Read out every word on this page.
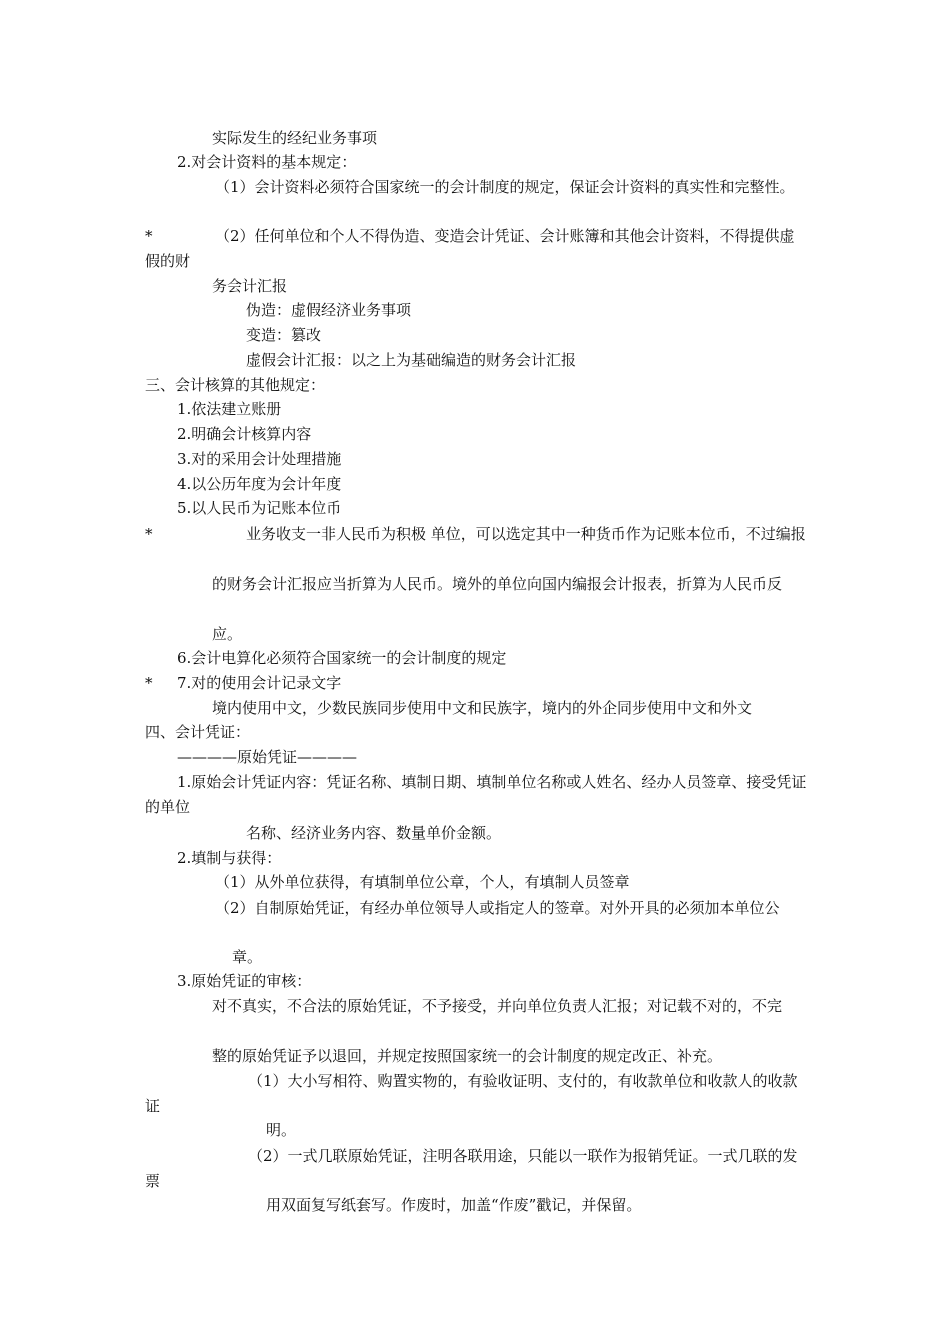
实际发生的经纪业务事项
2.对会计资料的基本规定：
（1）会计资料必须符合国家统一的会计制度的规定，保证会计资料的真实性和完整性。
*	（2）任何单位和个人不得伪造、变造会计凭证、会计账簿和其他会计资料，不得提供虚假的财
务会计汇报
伪造：虚假经济业务事项
变造：篡改
虚假会计汇报：以之上为基础编造的财务会计汇报
三、会计核算的其他规定：
1.依法建立账册
2.明确会计核算内容
3.对的采用会计处理措施
4.以公历年度为会计年度
5.以人民币为记账本位币
*	业务收支一非人民币为积极 单位，可以选定其中一种货币作为记账本位币，不过编报
的财务会计汇报应当折算为人民币。境外的单位向国内编报会计报表，折算为人民币反
应。
6.会计电算化必须符合国家统一的会计制度的规定
* 7.对的使用会计记录文字
境内使用中文，少数民族同步使用中文和民族字，境内的外企同步使用中文和外文
四、会计凭证：
————原始凭证————
1.原始会计凭证内容：凭证名称、填制日期、填制单位名称或人姓名、经办人员签章、接受凭证的单位
名称、经济业务内容、数量单价金额。
2.填制与获得：
（1）从外单位获得，有填制单位公章，个人，有填制人员签章
（2）自制原始凭证，有经办单位领导人或指定人的签章。对外开具的必须加本单位公
章。
3.原始凭证的审核：
对不真实，不合法的原始凭证，不予接受，并向单位负责人汇报；对记载不对的，不完
整的原始凭证予以退回，并规定按照国家统一的会计制度的规定改正、补充。
（1）大小写相符、购置实物的，有验收证明、支付的，有收款单位和收款人的收款证
明。
（2）一式几联原始凭证，注明各联用途，只能以一联作为报销凭证。一式几联的发票
用双面复写纸套写。作废时，加盖“作废”戳记，并保留。
